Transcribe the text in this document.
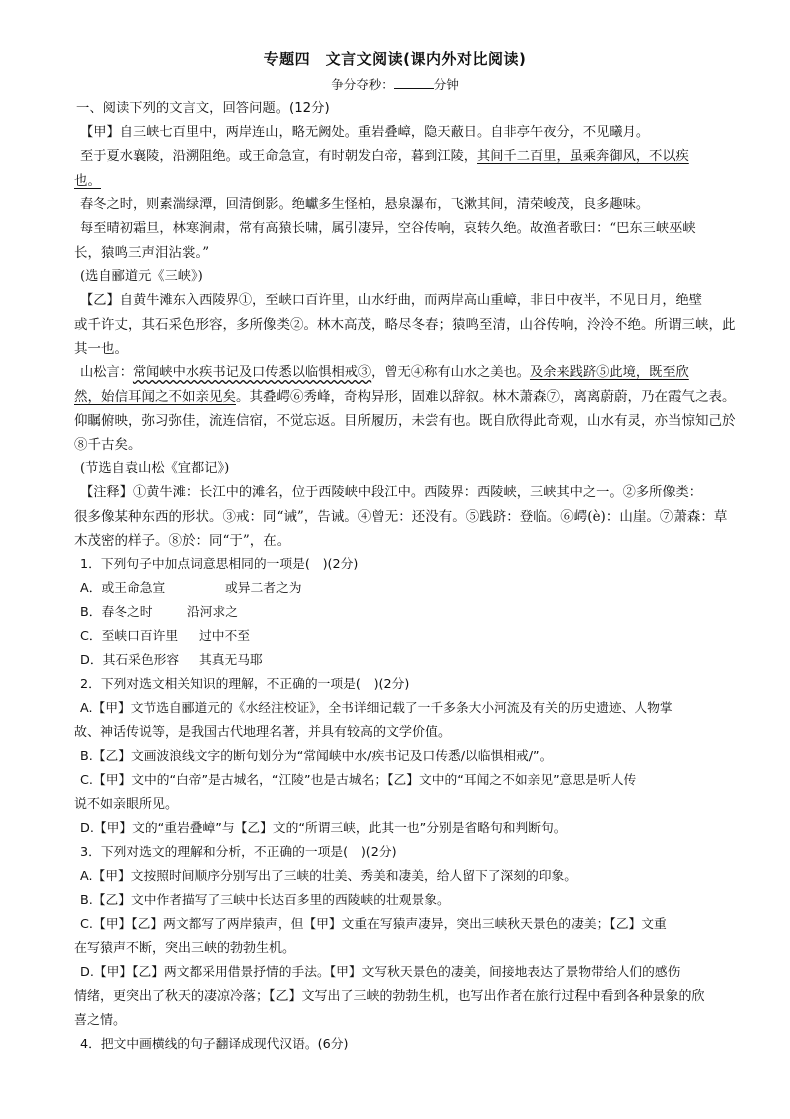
专题四　文言文阅读(课内外对比阅读)
争分夺秒：	分钟
一、阅读下列的文言文，回答问题。(12分)
【甲】自三峡七百里中，两岸连山，略无阙处。重岩叠嶂，隐天蔽日。自非亭午夜分，不见曦月。
至于夏水襄陵，沿溯阻绝。或王命急宣，有时朝发白帝，暮到江陵，其间千二百里，虽乘奔御风，不以疾
也。
春冬之时，则素湍绿潭，回清倒影。绝巘多生怪柏，悬泉瀑布，飞漱其间，清荣峻茂，良多趣味。
每至晴初霜旦，林寒涧肃，常有高猿长啸，属引凄异，空谷传响，哀转久绝。故渔者歌曰：“巴东三峡巫峡
长，猿鸣三声泪沾裳。”
(选自郦道元《三峡》)
【乙】自黄牛滩东入西陵界①，至峡口百许里，山水纡曲，而两岸高山重嶂，非日中夜半，不见日月，绝壁
或千许丈，其石采色形容，多所像类②。林木高茂，略尽冬春；猿鸣至清，山谷传响，泠泠不绝。所谓三峡，此
其一也。
山松言：常闻峡中水疾书记及口传悉以临惧相戒③，曾无④称有山水之美也。及余来践跻⑤此境，既至欣
然，始信耳闻之不如亲见矣。其叠崿⑥秀峰，奇构异形，固难以辞叙。林木萧森⑦，离离蔚蔚，乃在霞气之表。
仰瞩俯映，弥习弥佳，流连信宿，不觉忘返。目所履历，未尝有也。既自欣得此奇观，山水有灵，亦当惊知己於
⑧千古矣。
(节选自袁山松《宜都记》)
【注释】①黄牛滩：长江中的滩名，位于西陵峡中段江中。西陵界：西陵峡，三峡其中之一。②多所像类：
很多像某种东西的形状。③戒：同“诫”，告诫。④曾无：还没有。⑤践跻：登临。⑥崿(è)：山崖。⑦萧森：草
木茂密的样子。⑧於：同“于”，在。
1．下列句子中加点词意思相同的一项是(　)(2分)
A．或王命急宣	或异二者之为
B．春冬之时	沿河求之
C．至峡口百许里 过中不至
D．其石采色形容 其真无马耶
2．下列对选文相关知识的理解，不正确的一项是(　)(2分)
A.【甲】文节选自郦道元的《水经注校证》，全书详细记载了一千多条大小河流及有关的历史遗迹、人物掌
故、神话传说等，是我国古代地理名著，并具有较高的文学价值。
B.【乙】文画波浪线文字的断句划分为“常闻峡中水/疾书记及口传悉/以临惧相戒/”。
C.【甲】文中的“白帝”是古城名，“江陵”也是古城名；【乙】文中的“耳闻之不如亲见”意思是听人传
说不如亲眼所见。
D.【甲】文的“重岩叠嶂”与【乙】文的“所谓三峡，此其一也”分别是省略句和判断句。
3．下列对选文的理解和分析，不正确的一项是(　)(2分)
A.【甲】文按照时间顺序分别写出了三峡的壮美、秀美和凄美，给人留下了深刻的印象。
B.【乙】文中作者描写了三峡中长达百多里的西陵峡的壮观景象。
C.【甲】【乙】两文都写了两岸猿声，但【甲】文重在写猿声凄异，突出三峡秋天景色的凄美；【乙】文重
在写猿声不断，突出三峡的勃勃生机。
D.【甲】【乙】两文都采用借景抒情的手法。【甲】文写秋天景色的凄美，间接地表达了景物带给人们的感伤
情绪，更突出了秋天的凄凉冷落；【乙】文写出了三峡的勃勃生机，也写出作者在旅行过程中看到各种景象的欣
喜之情。
4．把文中画横线的句子翻译成现代汉语。(6分)
